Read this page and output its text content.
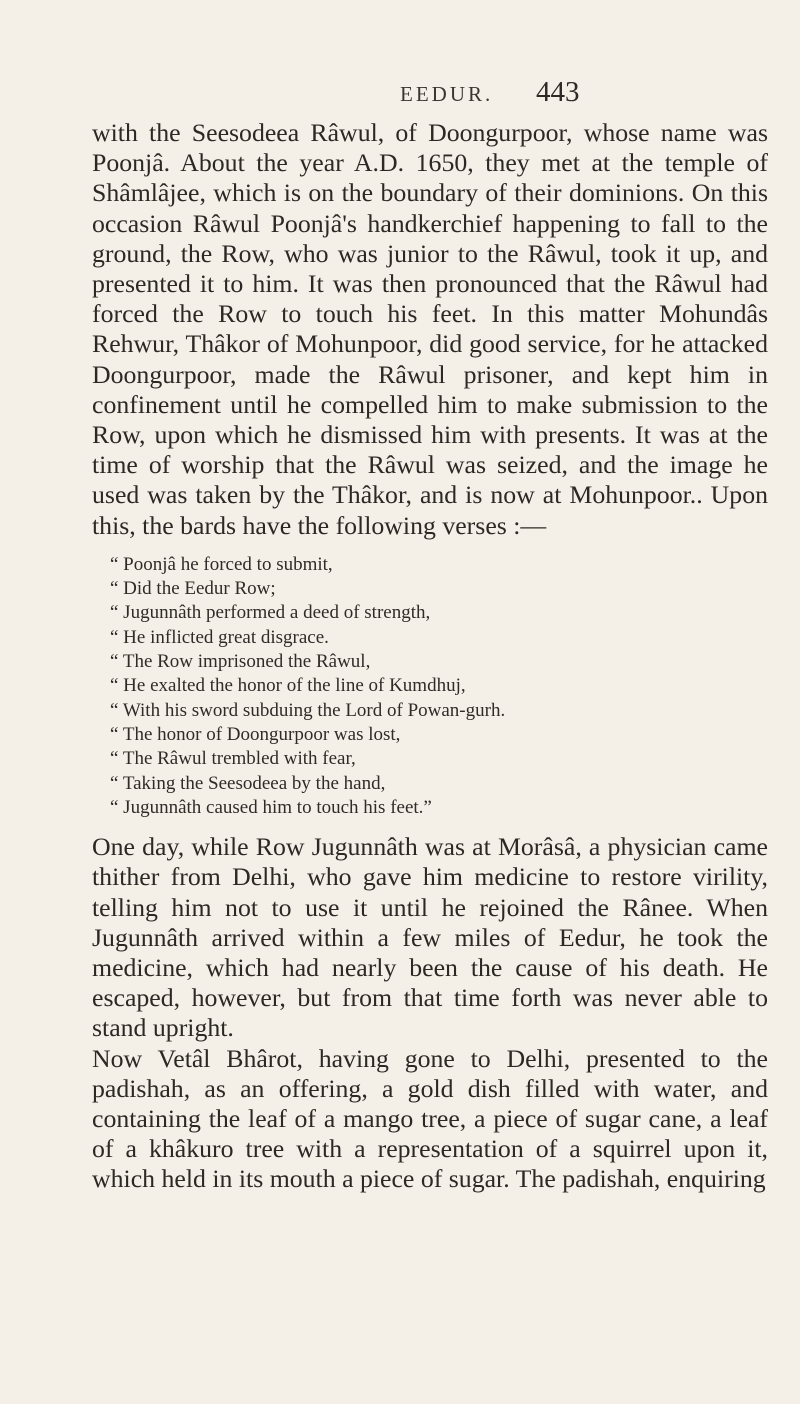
EEDUR. 443

with the Seesodeea Râwul, of Doongurpoor, whose name was Poonjâ. About the year A.D. 1650, they met at the temple of Shâmlâjee, which is on the boundary of their dominions. On this occasion Râwul Poonjâ's handkerchief happening to fall to the ground, the Row, who was junior to the Râwul, took it up, and presented it to him. It was then pronounced that the Râwul had forced the Row to touch his feet. In this matter Mohundâs Rehwur, Thâkor of Mohunpoor, did good service, for he attacked Doongurpoor, made the Râwul prisoner, and kept him in confinement until he compelled him to make submission to the Row, upon which he dismissed him with presents. It was at the time of worship that the Râwul was seized, and the image he used was taken by the Thâkor, and is now at Mohunpoor.. Upon this, the bards have the following verses :—

“ Poonjâ he forced to submit,
“ Did the Eedur Row;
“ Jugunnâth performed a deed of strength,
“ He inflicted great disgrace.
“ The Row imprisoned the Râwul,
“ He exalted the honor of the line of Kumdhuj,
“ With his sword subduing the Lord of Powan-gurh.
“ The honor of Doongurpoor was lost,
“ The Râwul trembled with fear,
“ Taking the Seesodeea by the hand,
“ Jugunnâth caused him to touch his feet.”

One day, while Row Jugunnâth was at Morâsâ, a physician came thither from Delhi, who gave him medicine to restore virility, telling him not to use it until he rejoined the Rânee. When Jugunnâth arrived within a few miles of Eedur, he took the medicine, which had nearly been the cause of his death. He escaped, however, but from that time forth was never able to stand upright.

Now Vetâl Bhârot, having gone to Delhi, presented to the padishah, as an offering, a gold dish filled with water, and containing the leaf of a mango tree, a piece of sugar cane, a leaf of a khâkuro tree with a representation of a squirrel upon it, which held in its mouth a piece of sugar. The padishah, enquiring
